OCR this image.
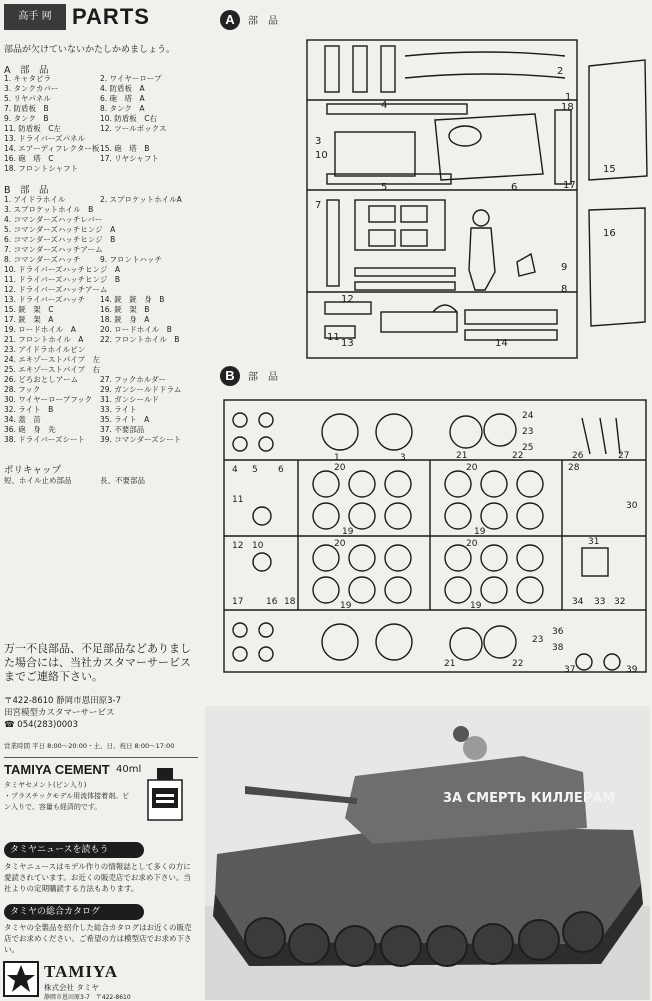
高手 网 PARTS
部品が欠けていないかたしかめましょう。
A　部　品
1. キャタピラ	2. ワイヤーロープ
3. タンクカバー	4. 防盾板　A
5. リヤパネル	6. 砲　塔　A
7. 防盾板　B	8. タンク　A
9. タンク　B	10. 防盾板　C右
11. 防盾板　C左	12. ツールボックス
13. ドライバーズパネル
14. エアーディフレクター板 15. 砲　塔　B
16. 砲　塔　C	17. リヤシャフト
18. フロントシャフト
B　部　品
1. アイドラホイル	2. スプロケットホイルA
3. スプロケットホイル　B
4. コマンダーズハッチレバー
5. コマンダーズハッチヒンジ　A
6. コマンダーズハッチヒンジ　B
7. コマンダーズハッチアーム
8. コマンダーズハッチ	9. フロントハッチ
10. ドライバーズハッチヒンジ　A
11. ドライバーズハッチヒンジ　B
12. ドライバーズハッチアーム
13. ドライバーズハッチ	14. 銃　銃　身　B
15. 銃　架　C	16. 銃　架　B
17. 銃　架　A	18. 銃　身　A
19. ロードホイル　A	20. ロードホイル　B
21. フロントホイル　A	22. フロントホイル　B
23. アイドラホイルピン
24. エキゾーストパイプ　左
25. エキゾーストパイプ　右
26. どろおとしアーム	27. フックホルダー
28. フック	29. ガンシールドドラム
30. ワイヤーロープフック	31. ガンシールド
32. ライト　B	33. ライト
34. 蓋　苗	35. ライト　A
36. 砲　身　先	37. 不要部品
38. ドライバーズシート	39. コマンダーズシート
ポリキャップ
短、ホイル止め部品	長、不要部品
万一不良部品、不足部品などありました場合には、当社カスタマーサービスまでご連絡下さい。
〒422-8610 静岡市恩田原3-7
田宮模型カスタマーサービス
☎ 054(283)0003
営業時間 平日 8:00～20:00・土、日、祝日 8:00～17:00
TAMIYA CEMENT 40ml
タミヤセメント(ビン入り)
・プラスチックモデル用流体接着剤。ビン入りで、容量も経済的です。
タミヤニュースを読もう
タミヤニュースはモデル作りの情報誌として多くの方に愛読されています。お近くの販売店でお求め下さい。当社よりの定期購読する方法もあります。
タミヤの総合カタログ
タミヤの全製品を紹介した総合カタログはお近くの販売店でお求めください。ご希望の方は模型店でお求め下さい。
TAMIYA
株式会社 タミヤ
静岡市恩田原3-7　〒422-8610
A 部　品
2
1
4	18
3
10
5	6	17
7
11
12
13	14
9
8
15
16
B 部　品
1	3	21	22
24
23
25
26	27
4 5 6
11
12 10
17	16 18
20
19
20
19
20
19
20
19
28
30
31
34 33 32
21	22
23
36
38
37	39
3А СМЕРТЬ КИЛЛЕРАМ
